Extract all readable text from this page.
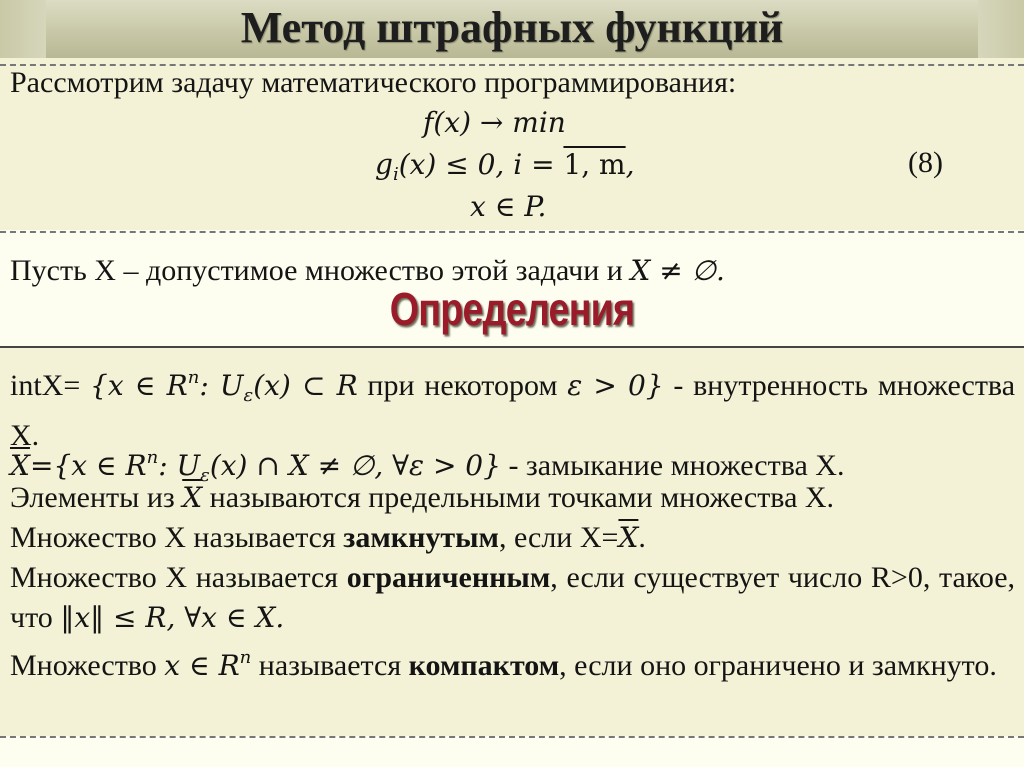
Метод штрафных функций
Рассмотрим задачу математического программирования:
f(x) → min
$g_i(x) \le 0$, i = 1, m,	(8)
x ∈ P.
Пусть X – допустимое множество этой задачи и X ≠ ∅.
Определения
intX= {x ∈ $R^n$: $U_\varepsilon(x)$ ⊂ R при некотором ε > 0} - внутренность множества X.
$\overline{X}=\{x$ ∈ $R^n$: $U_\varepsilon(x)$ ∩ X ≠ ∅, ∀ε > 0} - замыкание множества X.
Элементы из $\overline{X}$ называются предельными точками множества X.
Множество X называется замкнутым, если $X=\overline{X}$.
Множество X называется ограниченным, если существует число R>0, такое, что ‖x‖ ≤ R, ∀x ∈ X.
Множество x ∈ $R^n$ называется компактом, если оно ограничено и замкнуто.
